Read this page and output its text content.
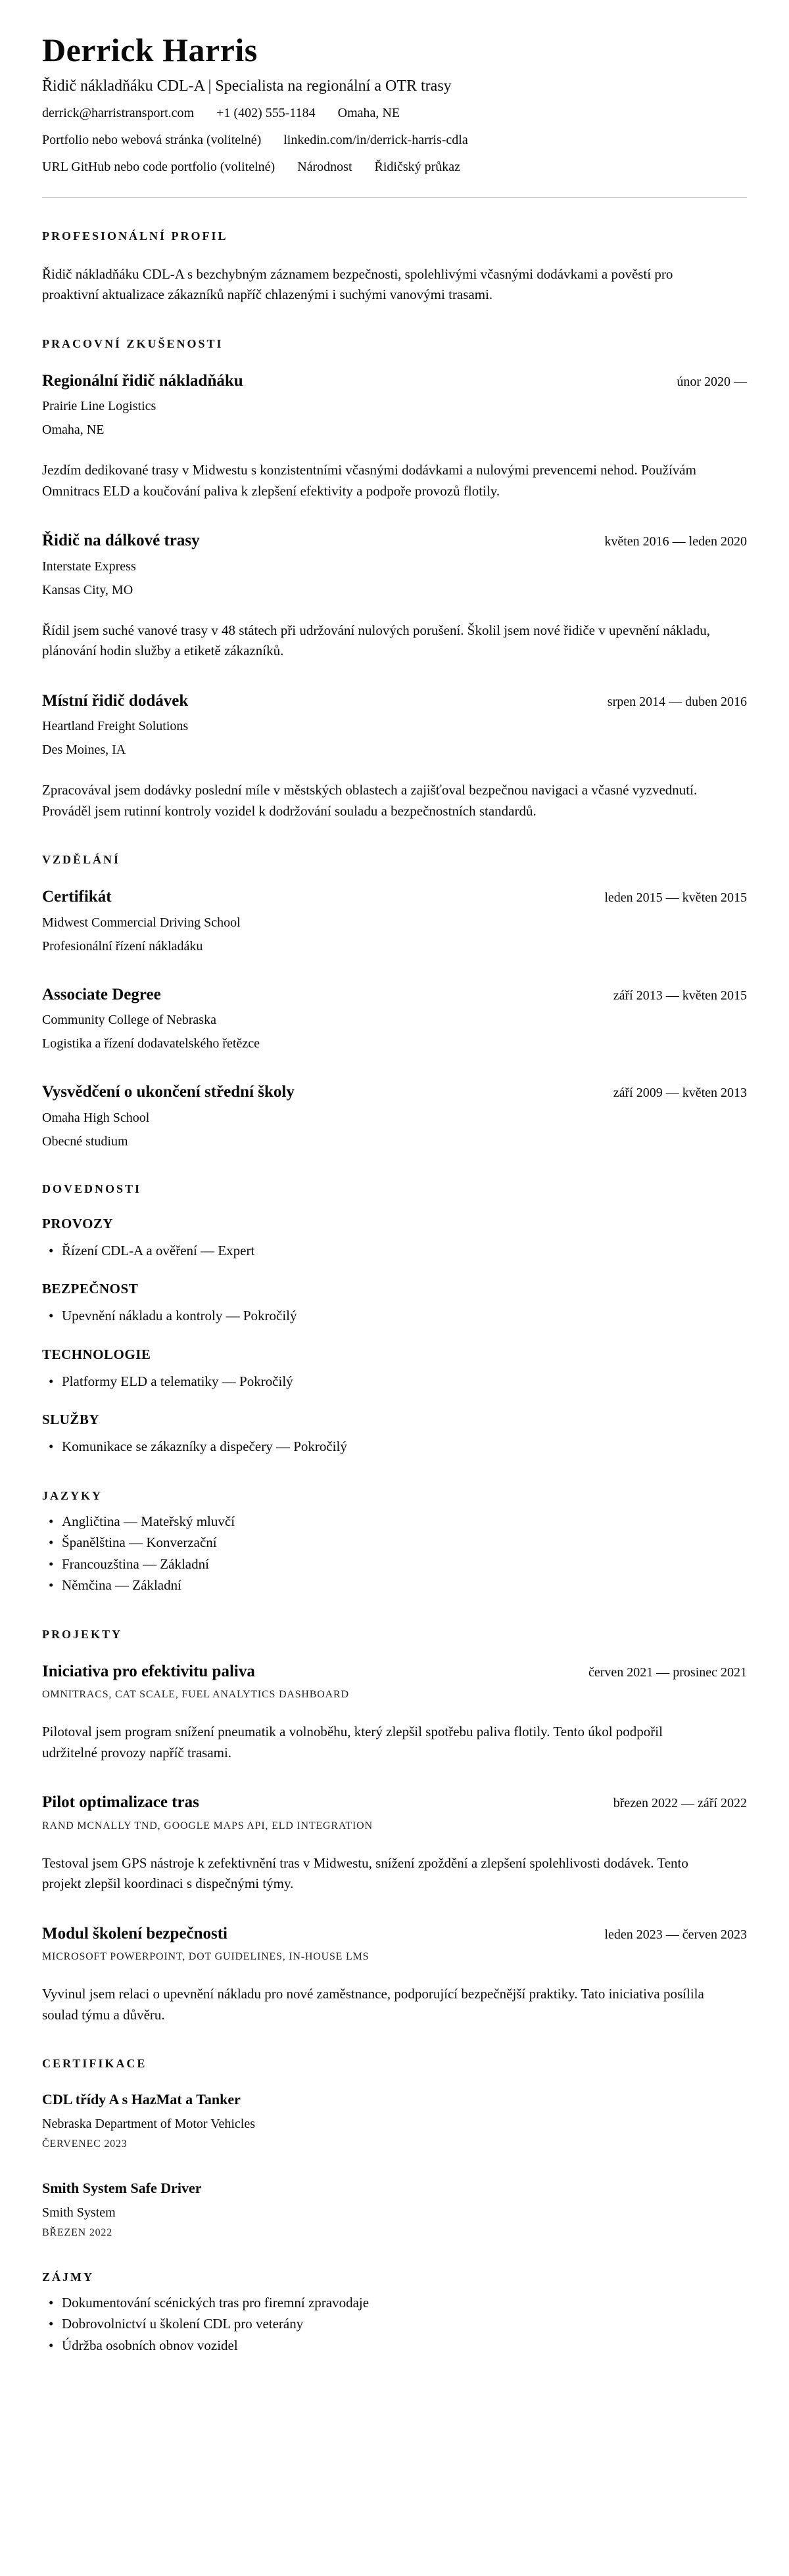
Derrick Harris
Řidič nákladňáku CDL-A | Specialista na regionální a OTR trasy
derrick@harristransport.com +1 (402) 555-1184 Omaha, NE
Portfolio nebo webová stránka (volitelné) linkedin.com/in/derrick-harris-cdla
URL GitHub nebo code portfolio (volitelné) Národnost Řidičský průkaz
PROFESIONÁLNÍ PROFIL

Řidič nákladňáku CDL-A s bezchybným záznamem bezpečnosti, spolehlivými včasnými dodávkami a pověstí pro proaktivní aktualizace zákazníků napříč chlazenými i suchými vanovými trasami.

PRACOVNÍ ZKUŠENOSTI
Regionální řidič nákladňáku	únor 2020 —
Prairie Line Logistics
Omaha, NE

Jezdím dedikované trasy v Midwestu s konzistentními včasnými dodávkami a nulovými prevencemi nehod. Používám Omnitracs ELD a koučování paliva k zlepšení efektivity a podpoře provozů flotily.

Řidič na dálkové trasy	květen 2016 — leden 2020
Interstate Express
Kansas City, MO

Řídil jsem suché vanové trasy v 48 státech při udržování nulových porušení. Školil jsem nové řidiče v upevnění nákladu, plánování hodin služby a etiketě zákazníků.

Místní řidič dodávek	srpen 2014 — duben 2016
Heartland Freight Solutions
Des Moines, IA

Zpracovával jsem dodávky poslední míle v městských oblastech a zajišťoval bezpečnou navigaci a včasné vyzvednutí. Prováděl jsem rutinní kontroly vozidel k dodržování souladu a bezpečnostních standardů.

VZDĚLÁNÍ
Certifikát	leden 2015 — květen 2015
Midwest Commercial Driving School
Profesionální řízení nákladáku
Associate Degree	září 2013 — květen 2015
Community College of Nebraska
Logistika a řízení dodavatelského řetězce
Vysvědčení o ukončení střední školy	září 2009 — květen 2013
Omaha High School
Obecné studium
DOVEDNOSTI
PROVOZY
• Řízení CDL-A a ověření — Expert
BEZPEČNOST
• Upevnění nákladu a kontroly — Pokročilý
TECHNOLOGIE
• Platformy ELD a telematiky — Pokročilý
SLUŽBY
• Komunikace se zákazníky a dispečery — Pokročilý
JAZYKY
• Angličtina — Mateřský mluvčí
• Španělština — Konverzační
• Francouzština — Základní
• Němčina — Základní
PROJEKTY
Iniciativa pro efektivitu paliva	červen 2021 — prosinec 2021
OMNITRACS, CAT SCALE, FUEL ANALYTICS DASHBOARD

Pilotoval jsem program snížení pneumatik a volnoběhu, který zlepšil spotřebu paliva flotily. Tento úkol podpořil udržitelné provozy napříč trasami.

Pilot optimalizace tras	březen 2022 — září 2022
RAND MCNALLY TND, GOOGLE MAPS API, ELD INTEGRATION

Testoval jsem GPS nástroje k zefektivnění tras v Midwestu, snížení zpoždění a zlepšení spolehlivosti dodávek. Tento projekt zlepšil koordinaci s dispečnými týmy.

Modul školení bezpečnosti	leden 2023 — červen 2023
MICROSOFT POWERPOINT, DOT GUIDELINES, IN-HOUSE LMS

Vyvinul jsem relaci o upevnění nákladu pro nové zaměstnance, podporující bezpečnější praktiky. Tato iniciativa posílila soulad týmu a důvěru.

CERTIFIKACE
CDL třídy A s HazMat a Tanker
Nebraska Department of Motor Vehicles
ČERVENEC 2023
Smith System Safe Driver
Smith System
BŘEZEN 2022
ZÁJMY
• Dokumentování scénických tras pro firemní zpravodaje
• Dobrovolnictví u školení CDL pro veterány
• Údržba osobních obnov vozidel
